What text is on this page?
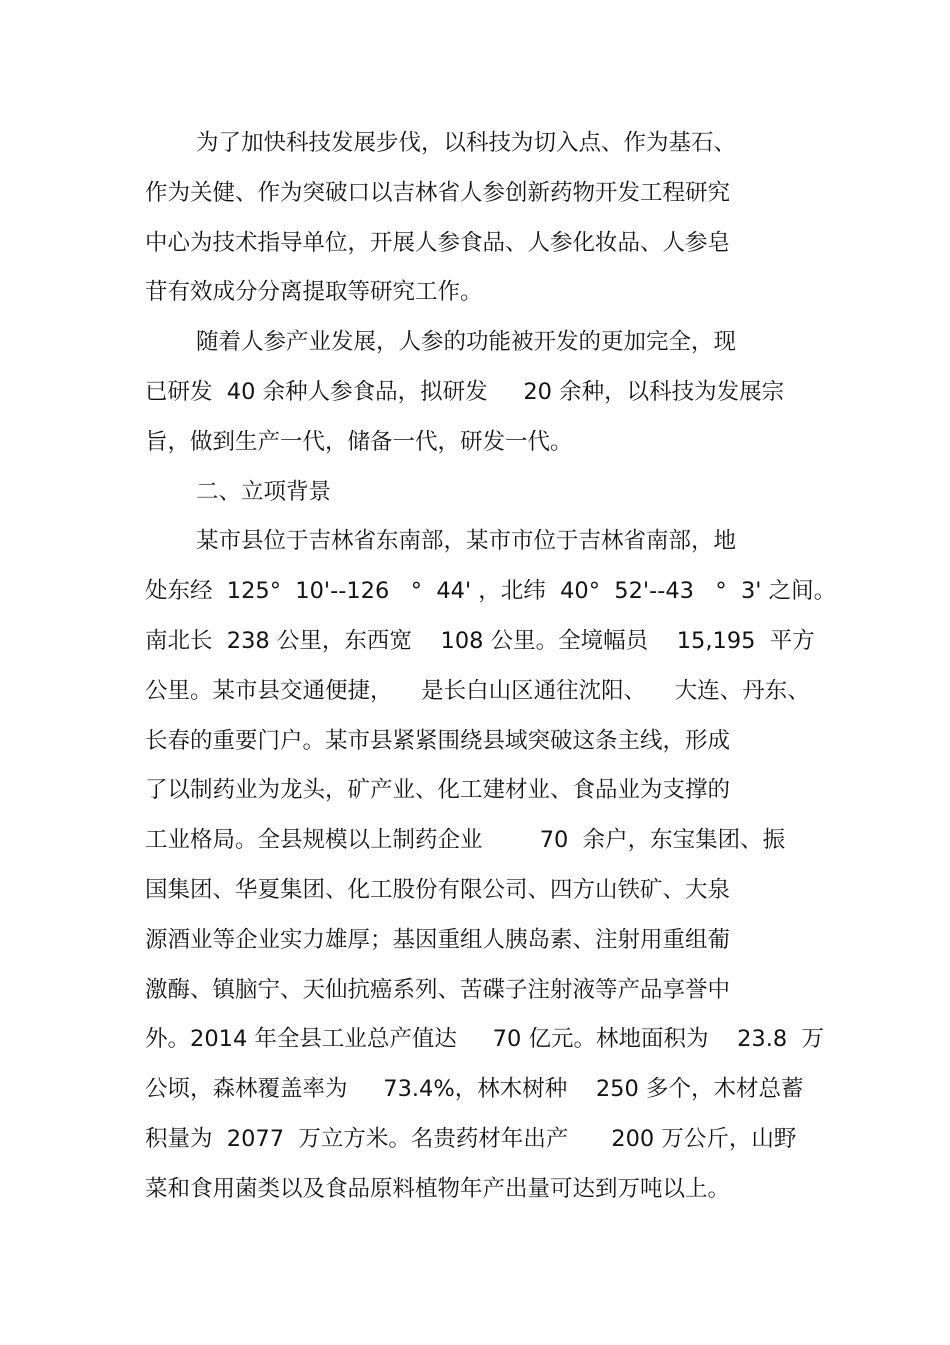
为了加快科技发展步伐，以科技为切入点、作为基石、
作为关健、作为突破口以吉林省人参创新药物开发工程研究
中心为技术指导单位，开展人参食品、人参化妆品、人参皂
苷有效成分分离提取等研究工作。
随着人参产业发展，人参的功能被开发的更加完全，现
已研发  40 余种人参食品，拟研发     20 余种，以科技为发展宗
旨，做到生产一代，储备一代，研发一代。
二、立项背景
某市县位于吉林省东南部，某市市位于吉林省南部，地
处东经  125°  10'--126   °  44' ，北纬  40°  52'--43   °  3' 之间。
南北长  238 公里，东西宽    108 公里。全境幅员    15,195  平方
公里。某市县交通便捷，    是长白山区通往沈阳、    大连、丹东、
长春的重要门户。某市县紧紧围绕县域突破这条主线，形成
了以制药业为龙头，矿产业、化工建材业、食品业为支撑的
工业格局。全县规模以上制药企业        70  余户，东宝集团、振
国集团、华夏集团、化工股份有限公司、四方山铁矿、大泉
源酒业等企业实力雄厚；基因重组人胰岛素、注射用重组葡
激酶、镇脑宁、天仙抗癌系列、苦碟子注射液等产品享誉中
外。2014 年全县工业总产值达     70 亿元。林地面积为    23.8  万
公顷，森林覆盖率为     73.4%，林木树种    250 多个，木材总蓄
积量为  2077  万立方米。名贵药材年出产      200 万公斤，山野
菜和食用菌类以及食品原料植物年产出量可达到万吨以上。
